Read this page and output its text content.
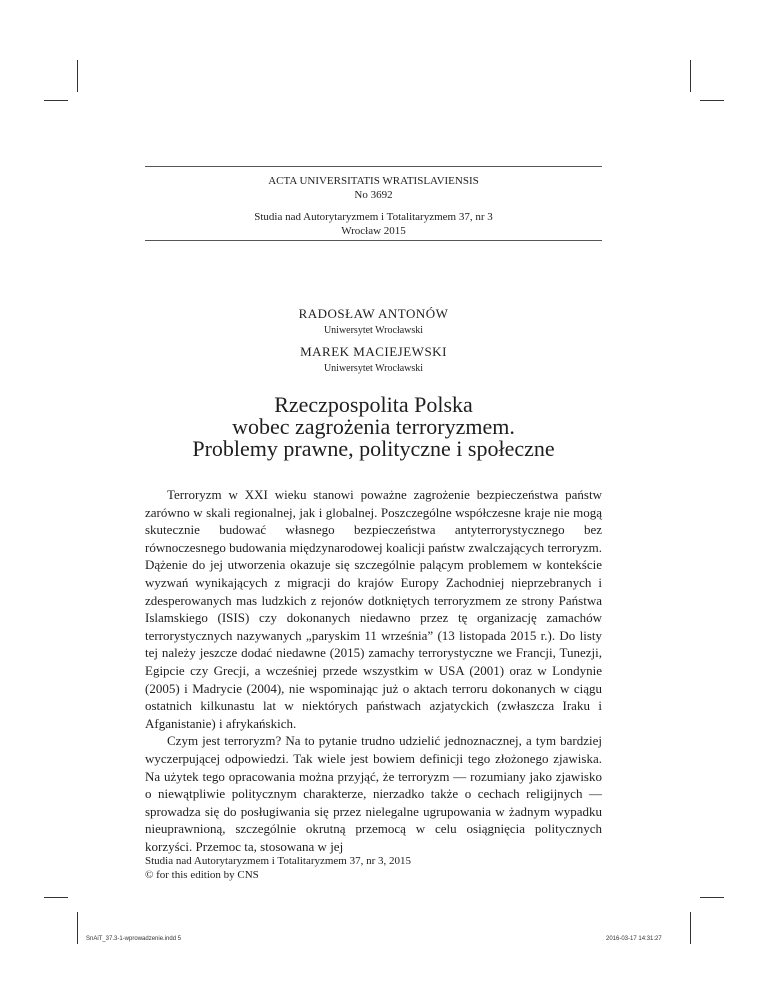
ACTA UNIVERSITATIS WRATISLAVIENSIS
No 3692
Studia nad Autorytaryzmem i Totalitaryzmem 37, nr 3
Wrocław 2015
RADOSŁAW ANTONÓW
Uniwersytet Wrocławski
MAREK MACIEJEWSKI
Uniwersytet Wrocławski
Rzeczpospolita Polska
wobec zagrożenia terroryzmem.
Problemy prawne, polityczne i społeczne

Terroryzm w XXI wieku stanowi poważne zagrożenie bezpieczeństwa państw zarówno w skali regionalnej, jak i globalnej. Poszczególne współczesne kraje nie mogą skutecznie budować własnego bezpieczeństwa antyterrorystycznego bez równoczesnego budowania międzynarodowej koalicji państw zwalczających terroryzm. Dążenie do jej utworzenia okazuje się szczególnie palącym problemem w kontekście wyzwań wynikających z migracji do krajów Europy Zachodniej nieprzebranych i zdesperowanych mas ludzkich z rejonów dotkniętych terroryzmem ze strony Państwa Islamskiego (ISIS) czy dokonanych niedawno przez tę organizację zamachów terrorystycznych nazywanych „paryskim 11 września” (13 listopada 2015 r.). Do listy tej należy jeszcze dodać niedawne (2015) zamachy terrorystyczne we Francji, Tunezji, Egipcie czy Grecji, a wcześniej przede wszystkim w USA (2001) oraz w Londynie (2005) i Madrycie (2004), nie wspominając już o aktach terroru dokonanych w ciągu ostatnich kilkunastu lat w niektórych państwach azjatyckich (zwłaszcza Iraku i Afganistanie) i afrykańskich.

Czym jest terroryzm? Na to pytanie trudno udzielić jednoznacznej, a tym bardziej wyczerpującej odpowiedzi. Tak wiele jest bowiem definicji tego złożonego zjawiska. Na użytek tego opracowania można przyjąć, że terroryzm — rozumiany jako zjawisko o niewątpliwie politycznym charakterze, nierzadko także o cechach religijnych — sprowadza się do posługiwania się przez nielegalne ugrupowania w żadnym wypadku nieuprawnioną, szczególnie okrutną przemocą w celu osiągnięcia politycznych korzyści. Przemoc ta, stosowana w jej

Studia nad Autorytaryzmem i Totalitaryzmem 37, nr 3, 2015
© for this edition by CNS
SnAiT_37.3-1-wprowadzenie.indd 5	2016-03-17 14:31:27
